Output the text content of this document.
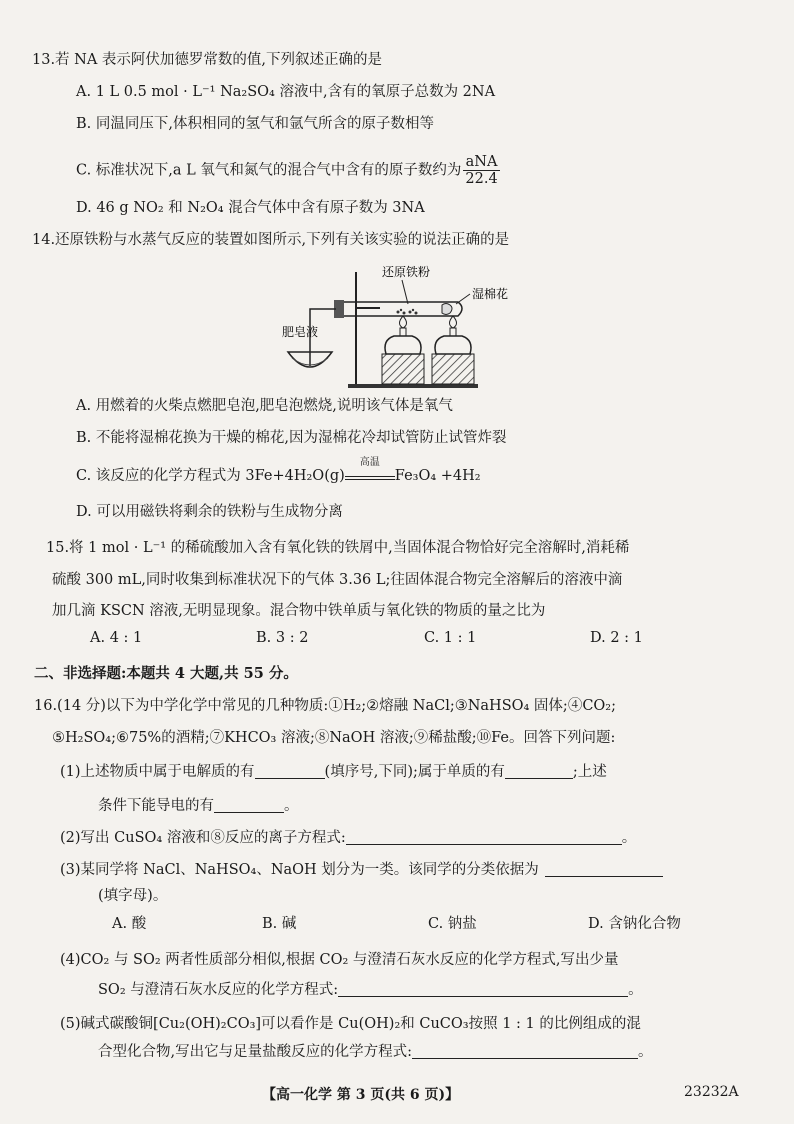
13.若 NA 表示阿伏加德罗常数的值,下列叙述正确的是
A. 1 L 0.5 mol · L⁻¹ Na₂SO₄ 溶液中,含有的氧原子总数为 2NA
B. 同温同压下,体积相同的氢气和氩气所含的原子数相等
C. 标准状况下,a L 氧气和氮气的混合气中含有的原子数约为 $\frac{\text{aNA}}{22.4}$
D. 46 g NO₂ 和 N₂O₄ 混合气体中含有原子数为 3NA
14.还原铁粉与水蒸气反应的装置如图所示,下列有关该实验的说法正确的是
还原铁粉
湿棉花
肥皂液
A. 用燃着的火柴点燃肥皂泡,肥皂泡燃烧,说明该气体是氧气
B. 不能将湿棉花换为干燥的棉花,因为湿棉花冷却试管防止试管炸裂
C. 该反应的化学方程式为 3Fe+4H₂O(g)
高温
Fe₃O₄ +4H₂
D. 可以用磁铁将剩余的铁粉与生成物分离
15.将 1 mol · L⁻¹ 的稀硫酸加入含有氧化铁的铁屑中,当固体混合物恰好完全溶解时,消耗稀
硫酸 300 mL,同时收集到标准状况下的气体 3.36 L;往固体混合物完全溶解后的溶液中滴
加几滴 KSCN 溶液,无明显现象。混合物中铁单质与氧化铁的物质的量之比为
A. 4 : 1	B. 3 : 2	C. 1 : 1	D. 2 : 1
二、非选择题:本题共 4 大题,共 55 分。
16.(14 分)以下为中学化学中常见的几种物质:①H₂;②熔融 NaCl;③NaHSO₄ 固体;④CO₂;
⑤H₂SO₄;⑥75%的酒精;⑦KHCO₃ 溶液;⑧NaOH 溶液;⑨稀盐酸;⑩Fe。回答下列问题:
(1)上述物质中属于电解质的有	(填序号,下同);属于单质的有	;上述
条件下能导电的有	。
(2)写出 CuSO₄ 溶液和⑧反应的离子方程式:	。
(3)某同学将 NaCl、NaHSO₄、NaOH 划分为一类。该同学的分类依据为
(填字母)。
A. 酸	B. 碱	C. 钠盐	D. 含钠化合物
(4)CO₂ 与 SO₂ 两者性质部分相似,根据 CO₂ 与澄清石灰水反应的化学方程式,写出少量
SO₂ 与澄清石灰水反应的化学方程式:	。
(5)碱式碳酸铜[Cu₂(OH)₂CO₃]可以看作是 Cu(OH)₂和 CuCO₃按照 1 : 1 的比例组成的混
合型化合物,写出它与足量盐酸反应的化学方程式:	。
【高一化学 第 3 页(共 6 页)】	23232A
